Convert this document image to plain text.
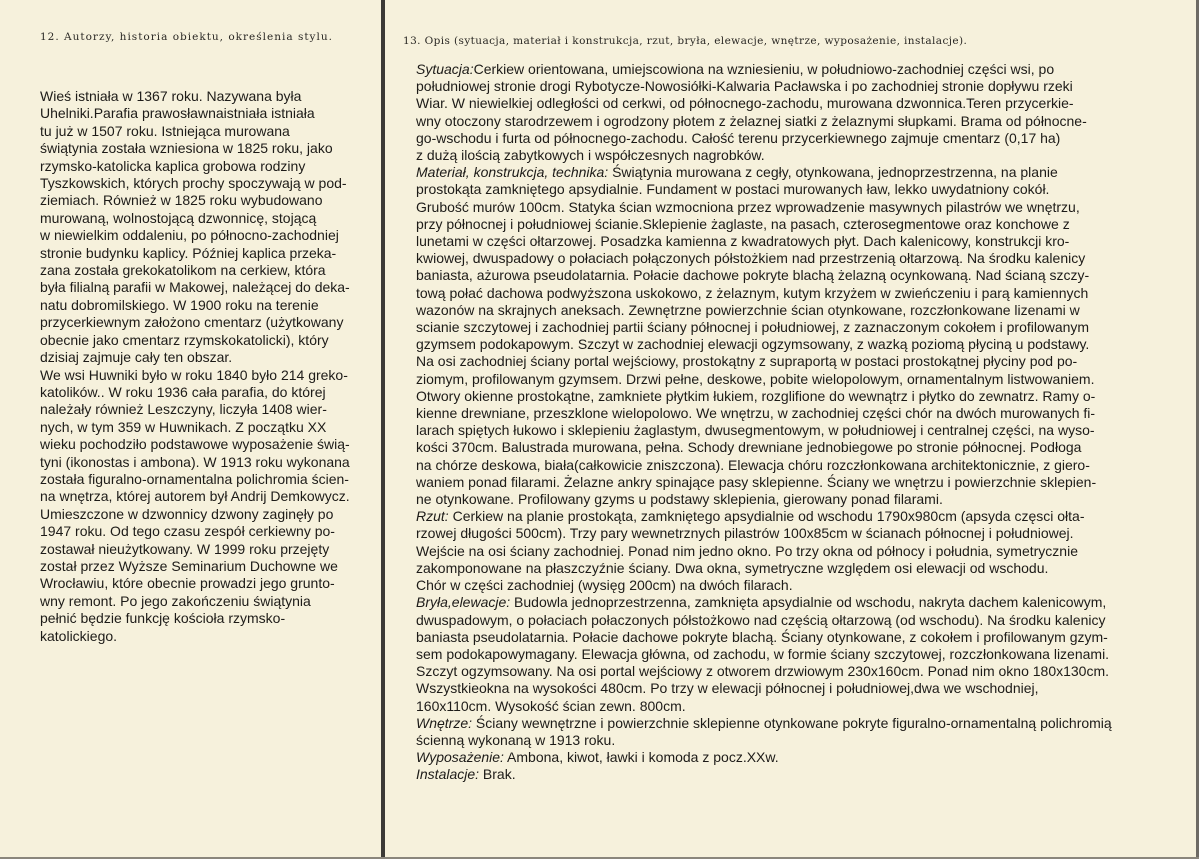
12. Autorzy, historia obiektu, określenia stylu.	13. Opis (sytuacja, materiał i konstrukcja, rzut, bryła, elewacje, wnętrze, wyposażenie, instalacje).
Wieś istniała w 1367 roku. Nazywana była
Uhelniki.Parafia prawosławnaistniała istniała
tu już w 1507 roku. Istniejąca murowana
świątynia została wzniesiona w 1825 roku, jako
rzymsko-katolicka kaplica grobowa rodziny
Tyszkowskich, których prochy spoczywają w pod-
ziemiach. Również w 1825 roku wybudowano
murowaną, wolnostojącą dzwonnicę, stojącą
w niewielkim oddaleniu, po północno-zachodniej
stronie budynku kaplicy. Później kaplica przeka-
zana została grekokatolikom na cerkiew, która
była filialną parafii w Makowej, należącej do deka-
natu dobromilskiego. W 1900 roku na terenie
przycerkiewnym założono cmentarz (użytkowany
obecnie jako cmentarz rzymskokatolicki), który
dzisiaj zajmuje cały ten obszar.
We wsi Huwniki było w roku 1840 było 214 greko-
katolików.. W roku 1936 cała parafia, do której
należały również Leszczyny, liczyła 1408 wier-
nych, w tym 359 w Huwnikach. Z początku XX
wieku pochodziło podstawowe wyposażenie świą-
tyni (ikonostas i ambona). W 1913 roku wykonana
została figuralno-ornamentalna polichromia ścien-
na wnętrza, której autorem był Andrij Demkowycz.
Umieszczone w dzwonnicy dzwony zaginęły po
1947 roku. Od tego czasu zespół cerkiewny po-
zostawał nieużytkowany. W 1999 roku przejęty
został przez Wyższe Seminarium Duchowne we
Wrocławiu, które obecnie prowadzi jego grunto-
wny remont. Po jego zakończeniu świątynia
pełnić będzie funkcję kościoła rzymsko-
katolickiego.
Sytuacja:Cerkiew orientowana, umiejscowiona na wzniesieniu, w południowo-zachodniej części wsi, po
południowej stronie drogi Rybotycze-Nowosiółki-Kalwaria Pacławska i po zachodniej stronie dopływu rzeki
Wiar. W niewielkiej odległości od cerkwi, od północnego-zachodu, murowana dzwonnica.Teren przycerkie-
wny otoczony starodrzewem i ogrodzony płotem z żelaznej siatki z żelaznymi słupkami. Brama od północne-
go-wschodu i furta od północnego-zachodu. Całość terenu przycerkiewnego zajmuje cmentarz (0,17 ha)
z dużą ilością zabytkowych i współczesnych nagrobków.
Materiał, konstrukcja, technika: Świątynia murowana z cegły, otynkowana, jednoprzestrzenna, na planie
prostokąta zamkniętego apsydialnie. Fundament w postaci murowanych ław, lekko uwydatniony cokół.
Grubość murów 100cm. Statyka ścian wzmocniona przez wprowadzenie masywnych pilastrów we wnętrzu,
przy północnej i południowej ścianie.Sklepienie żaglaste, na pasach, czterosegmentowe oraz konchowe z
lunetami w części ołtarzowej. Posadzka kamienna z kwadratowych płyt. Dach kalenicowy, konstrukcji kro-
kwiowej, dwuspadowy o połaciach połączonych półstożkiem nad przestrzenią ołtarzową. Na środku kalenicy
baniasta, ażurowa pseudolatarnia. Połacie dachowe pokryte blachą żelazną ocynkowaną. Nad ścianą szczy-
tową połać dachowa podwyższona uskokowo, z żelaznym, kutym krzyżem w zwieńczeniu i parą kamiennych
wazonów na skrajnych aneksach. Zewnętrzne powierzchnie ścian otynkowane, rozczłonkowane lizenami w
scianie szczytowej i zachodniej partii ściany północnej i południowej, z zaznaczonym cokołem i profilowanym
gzymsem podokapowym. Szczyt w zachodniej elewacji ogzymsowany, z wazką poziomą płyciną u podstawy.
Na osi zachodniej ściany portal wejściowy, prostokątny z supraportą w postaci prostokątnej płyciny pod po-
ziomym, profilowanym gzymsem. Drzwi pełne, deskowe, pobite wielopolowym, ornamentalnym listwowaniem.
Otwory okienne prostokątne, zamkniete płytkim łukiem, rozglifione do wewnątrz i płytko do zewnatrz. Ramy o-
kienne drewniane, przeszklone wielopolowo. We wnętrzu, w zachodniej części chór na dwóch murowanych fi-
larach spiętych łukowo i sklepieniu żaglastym, dwusegmentowym, w południowej i centralnej części, na wyso-
kości 370cm. Balustrada murowana, pełna. Schody drewniane jednobiegowe po stronie północnej. Podłoga
na chórze deskowa, biała(całkowicie zniszczona). Elewacja chóru rozczłonkowana architektonicznie, z giero-
waniem ponad filarami. Żelazne ankry spinające pasy sklepienne. Ściany we wnętrzu i powierzchnie sklepien-
ne otynkowane. Profilowany gzyms u podstawy sklepienia, gierowany ponad filarami.
Rzut: Cerkiew na planie prostokąta, zamkniętego apsydialnie od wschodu 1790x980cm (apsyda częsci ołta-
rzowej długości 500cm). Trzy pary wewnetrznych pilastrów 100x85cm w ścianach północnej i południowej.
Wejście na osi ściany zachodniej. Ponad nim jedno okno. Po trzy okna od północy i południa, symetrycznie
zakomponowane na płaszczyźnie ściany. Dwa okna, symetryczne względem osi elewacji od wschodu.
Chór w części zachodniej (wysięg 200cm) na dwóch filarach.
Bryła,elewacje: Budowla jednoprzestrzenna, zamknięta apsydialnie od wschodu, nakryta dachem kalenicowym,
dwuspadowym, o połaciach połaczonych półstożkowo nad częścią ołtarzową (od wschodu). Na środku kalenicy
baniasta pseudolatarnia. Połacie dachowe pokryte blachą. Ściany otynkowane, z cokołem i profilowanym gzym-
sem podokapowymagany. Elewacja główna, od zachodu, w formie ściany szczytowej, rozczłonkowana lizenami.
Szczyt ogzymsowany. Na osi portal wejściowy z otworem drzwiowym 230x160cm. Ponad nim okno 180x130cm.
Wszystkieokna na wysokości 480cm. Po trzy w elewacji północnej i południowej,dwa we wschodniej,
160x110cm. Wysokość ścian zewn. 800cm.
Wnętrze: Ściany wewnętrzne i powierzchnie sklepienne otynkowane pokryte figuralno-ornamentalną polichromią
ścienną wykonaną w 1913 roku.
Wyposażenie: Ambona, kiwot, ławki i komoda z pocz.XXw.
Instalacje: Brak.
